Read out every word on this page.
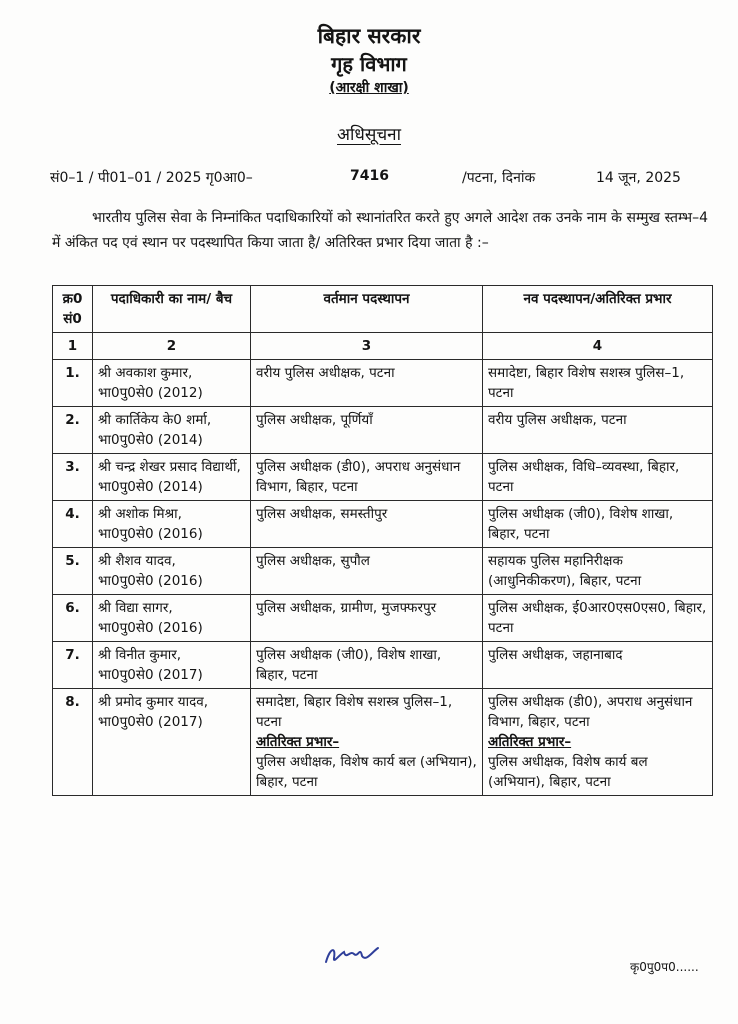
बिहार सरकार
गृह विभाग
(आरक्षी शाखा)
अधिसूचना
सं0–1 / पी01–01 / 2025 गृ0आ0–	7416	/पटना, दिनांक	14 जून, 2025

भारतीय पुलिस सेवा के निम्नांकित पदाधिकारियों को स्थानांतरित करते हुए अगले आदेश तक उनके नाम के सम्मुख स्तम्भ–4 में अंकित पद एवं स्थान पर पदस्थापित किया जाता है/ अतिरिक्त प्रभार दिया जाता है :–

क्र0 सं0	पदाधिकारी का नाम/ बैच	वर्तमान पदस्थापन	नव पदस्थापन/अतिरिक्त प्रभार
1	2	3	4
1.	श्री अवकाश कुमार,
भा0पु0से0 (2012)	वरीय पुलिस अधीक्षक, पटना	समादेष्टा, बिहार विशेष सशस्त्र पुलिस–1, पटना
2.	श्री कार्तिकेय के0 शर्मा,
भा0पु0से0 (2014)	पुलिस अधीक्षक, पूर्णियाँ	वरीय पुलिस अधीक्षक, पटना
3.	श्री चन्द्र शेखर प्रसाद विद्यार्थी,
भा0पु0से0 (2014)	पुलिस अधीक्षक (डी0), अपराध अनुसंधान विभाग, बिहार, पटना	पुलिस अधीक्षक, विधि–व्यवस्था, बिहार, पटना
4.	श्री अशोक मिश्रा,
भा0पु0से0 (2016)	पुलिस अधीक्षक, समस्तीपुर	पुलिस अधीक्षक (जी0), विशेष शाखा, बिहार, पटना
5.	श्री शैशव यादव,
भा0पु0से0 (2016)	पुलिस अधीक्षक, सुपौल	सहायक पुलिस महानिरीक्षक (आधुनिकीकरण), बिहार, पटना
6.	श्री विद्या सागर,
भा0पु0से0 (2016)	पुलिस अधीक्षक, ग्रामीण, मुजफ्फरपुर	पुलिस अधीक्षक, ई0आर0एस0एस0, बिहार, पटना
7.	श्री विनीत कुमार,
भा0पु0से0 (2017)	पुलिस अधीक्षक (जी0), विशेष शाखा, बिहार, पटना	पुलिस अधीक्षक, जहानाबाद
8.	श्री प्रमोद कुमार यादव,
भा0पु0से0 (2017)	समादेष्टा, बिहार विशेष सशस्त्र पुलिस–1, पटना
अतिरिक्त प्रभार–
पुलिस अधीक्षक, विशेष कार्य बल (अभियान), बिहार, पटना	पुलिस अधीक्षक (डी0), अपराध अनुसंधान विभाग, बिहार, पटना
अतिरिक्त प्रभार–
पुलिस अधीक्षक, विशेष कार्य बल (अभियान), बिहार, पटना
कृ0पु0प0......
